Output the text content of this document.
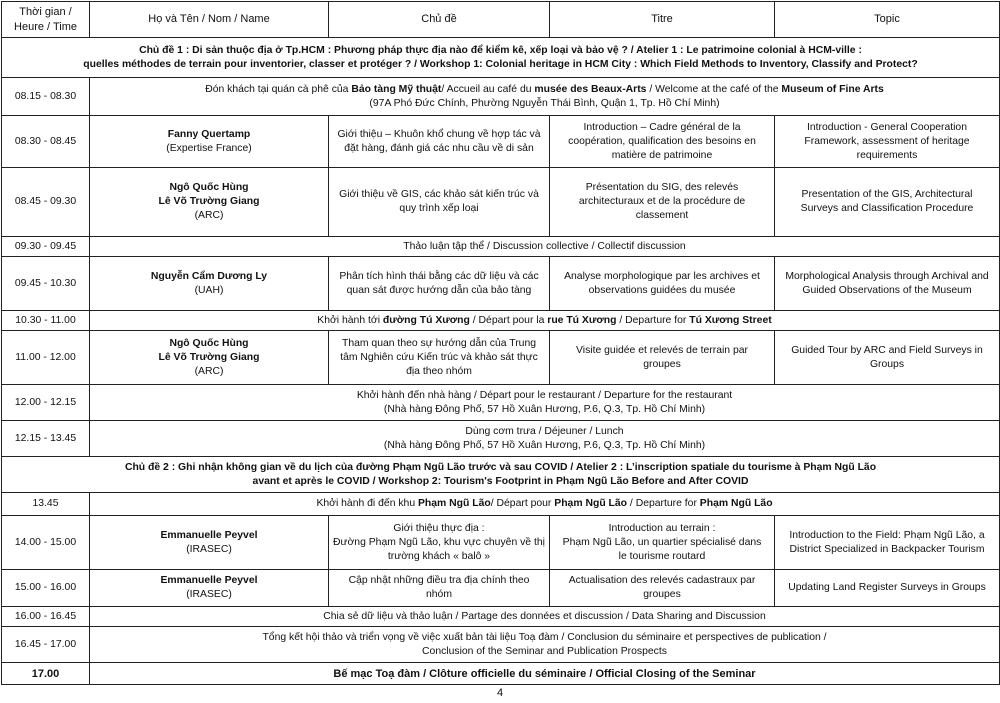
Thời gian /
Heure / Time	Họ và Tên / Nom / Name	Chủ đề	Titre	Topic

Chủ đề 1 : Di sản thuộc địa ở Tp.HCM : Phương pháp thực địa nào để kiểm kê, xếp loại và bảo vệ ? / Atelier 1 : Le patrimoine colonial à HCM-ville :
quelles méthodes de terrain pour inventorier, classer et protéger ? / Workshop 1: Colonial heritage in HCM City : Which Field Methods to Inventory, Classify and Protect?				

08.15 - 08.30	Đón khách tại quán cà phê của Bảo tàng Mỹ thuật/ Accueil au café du musée des Beaux-Arts / Welcome at the café of the Museum of Fine Arts
(97A Phó Đức Chính, Phường Nguyễn Thái Bình, Quận 1, Tp. Hồ Chí Minh)			

08.30 - 08.45	Fanny Quertamp
(Expertise France)	Giới thiệu – Khuôn khổ chung về hợp tác và
đặt hàng, đánh giá các nhu cầu về di sản	Introduction – Cadre général de la
coopération, qualification des besoins en
matière de patrimoine	Introduction - General Cooperation
Framework, assessment of heritage
requirements

08.45 - 09.30	Ngô Quốc Hùng
Lê Võ Trường Giang
(ARC)	Giới thiệu về GIS, các khảo sát kiến trúc và
quy trình xếp loại	Présentation du SIG, des relevés
architecturaux et de la procédure de
classement	Presentation of the GIS, Architectural
Surveys and Classification Procedure

09.30 - 09.45	Thảo luận tập thể / Discussion collective / Collectif discussion			
09.45 - 10.30	Nguyễn Cẩm Dương Ly
(UAH)	Phân tích hình thái bằng các dữ liệu và các
quan sát được hướng dẫn của bảo tàng	Analyse morphologique par les archives et
observations guidées du musée	Morphological Analysis through Archival and
Guided Observations of the Museum

10.30 - 11.00	Khởi hành tới đường Tú Xương / Départ pour la rue Tú Xương / Departure for Tú Xương Street			
11.00 - 12.00	Ngô Quốc Hùng
Lê Võ Trường Giang
(ARC)	Tham quan theo sự hướng dẫn của Trung
tâm Nghiên cứu Kiến trúc và khảo sát thực
địa theo nhóm	Visite guidée et relevés de terrain par
groupes	Guided Tour by ARC and Field Surveys in
Groups

12.00 - 12.15	Khởi hành đến nhà hàng / Départ pour le restaurant / Departure for the restaurant
(Nhà hàng Đông Phố, 57 Hồ Xuân Hương, P.6, Q.3, Tp. Hồ Chí Minh)			

12.15 - 13.45	Dùng cơm trưa / Déjeuner / Lunch
(Nhà hàng Đông Phố, 57 Hồ Xuân Hương, P.6, Q.3, Tp. Hồ Chí Minh)			

Chủ đề 2 : Ghi nhận không gian về du lịch của đường Phạm Ngũ Lão trước và sau COVID / Atelier 2 : L’inscription spatiale du tourisme à Phạm Ngũ Lão
avant et après le COVID / Workshop 2: Tourism's Footprint in Phạm Ngũ Lão Before and After COVID				

13.45	Khởi hành đi đến khu Phạm Ngũ Lão/ Départ pour Phạm Ngũ Lão / Departure for Phạm Ngũ Lão			
14.00 - 15.00	Emmanuelle Peyvel
(IRASEC)	Giới thiệu thực địa :
Đường Phạm Ngũ Lão, khu vực chuyên về thị
trường khách « balô »	Introduction au terrain :
Phạm Ngũ Lão, un quartier spécialisé dans
le tourisme routard	Introduction to the Field: Phạm Ngũ Lão, a
District Specialized in Backpacker Tourism

15.00 - 16.00	Emmanuelle Peyvel
(IRASEC)	Cập nhật những điều tra địa chính theo
nhóm	Actualisation des relevés cadastraux par
groupes	Updating Land Register Surveys in Groups

16.00 - 16.45	Chia sẻ dữ liệu và thảo luận / Partage des données et discussion / Data Sharing and Discussion			
16.45 - 17.00	Tổng kết hội thảo và triển vọng về việc xuất bản tài liệu Toạ đàm / Conclusion du séminaire et perspectives de publication /
Conclusion of the Seminar and Publication Prospects			

17.00	Bế mạc Toạ đàm / Clôture officielle du séminaire / Official Closing of the Seminar			
4
